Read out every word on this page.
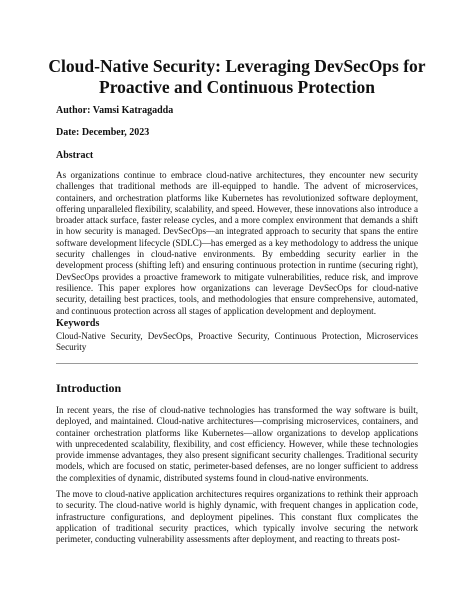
Cloud-Native Security: Leveraging DevSecOps for
Proactive and Continuous Protection
Author: Vamsi Katragadda
Date: December, 2023
Abstract
As organizations continue to embrace cloud-native architectures, they encounter new security challenges that traditional methods are ill-equipped to handle. The advent of microservices, containers, and orchestration platforms like Kubernetes has revolutionized software deployment, offering unparalleled flexibility, scalability, and speed. However, these innovations also introduce a broader attack surface, faster release cycles, and a more complex environment that demands a shift in how security is managed. DevSecOps—an integrated approach to security that spans the entire software development lifecycle (SDLC)—has emerged as a key methodology to address the unique security challenges in cloud-native environments. By embedding security earlier in the development process (shifting left) and ensuring continuous protection in runtime (securing right), DevSecOps provides a proactive framework to mitigate vulnerabilities, reduce risk, and improve resilience. This paper explores how organizations can leverage DevSecOps for cloud-native security, detailing best practices, tools, and methodologies that ensure comprehensive, automated, and continuous protection across all stages of application development and deployment.
Keywords
Cloud-Native Security, DevSecOps, Proactive Security, Continuous Protection, Microservices Security
Introduction
In recent years, the rise of cloud-native technologies has transformed the way software is built, deployed, and maintained. Cloud-native architectures—comprising microservices, containers, and container orchestration platforms like Kubernetes—allow organizations to develop applications with unprecedented scalability, flexibility, and cost efficiency. However, while these technologies provide immense advantages, they also present significant security challenges. Traditional security models, which are focused on static, perimeter-based defenses, are no longer sufficient to address the complexities of dynamic, distributed systems found in cloud-native environments.
The move to cloud-native application architectures requires organizations to rethink their approach to security. The cloud-native world is highly dynamic, with frequent changes in application code, infrastructure configurations, and deployment pipelines. This constant flux complicates the application of traditional security practices, which typically involve securing the network perimeter, conducting vulnerability assessments after deployment, and reacting to threats post-
